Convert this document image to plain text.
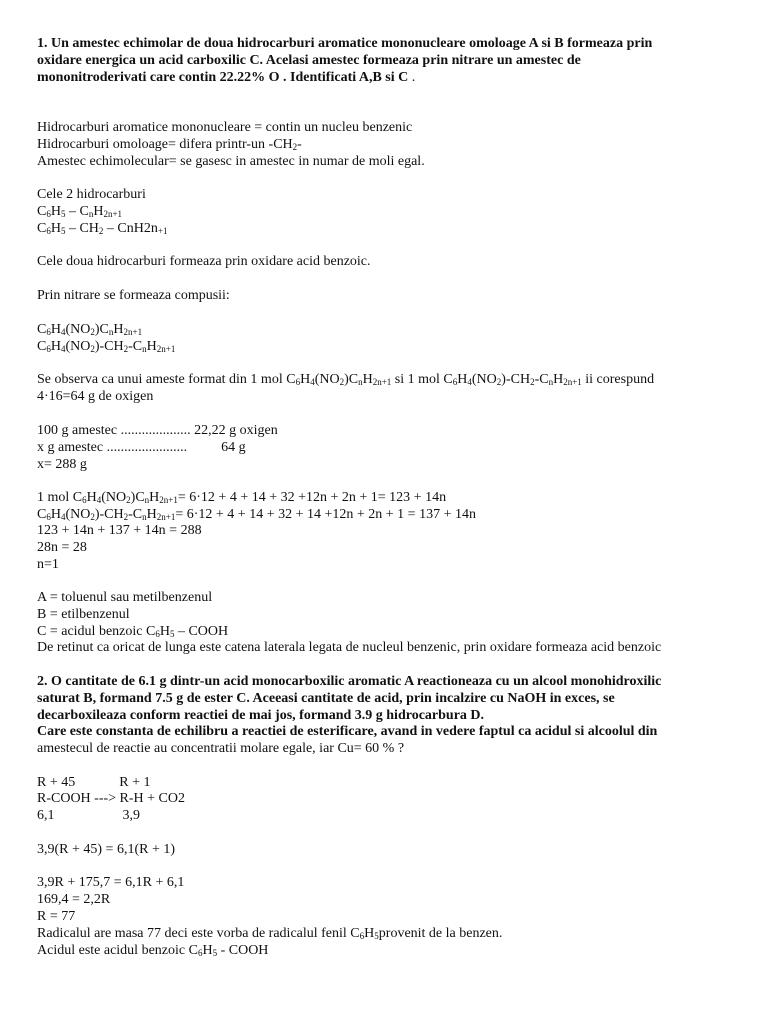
1. Un amestec echimolar de doua hidrocarburi aromatice mononucleare omoloage A si B formeaza prin
oxidare energica un acid carboxilic C. Acelasi amestec formeaza prin nitrare un amestec de
mononitroderivati care contin 22.22% O . Identificati A,B si C .
Hidrocarburi aromatice mononucleare = contin un nucleu benzenic
Hidrocarburi omoloage= difera printr-un $-CH_2-$
Amestec echimolecular= se gasesc in amestec in numar de moli egal.
Cele 2 hidrocarburi
$C_6H_5 - C_nH_{2n+1}$
$C_6H_5 - CH_2 - CnH2n_{+1}$
Cele doua hidrocarburi formeaza prin oxidare acid benzoic.
Prin nitrare se formeaza compusii:
$C_6H_4(NO_2)C_nH_{2n+1}$
$C_6H_4(NO_2)-CH_2-C_nH_{2n+1}$
Se observa ca unui ameste format din 1 mol $C_6H_4(NO_2)C_nH_{2n+1}$ si 1 mol $C_6H_4(NO_2)-CH_2-C_nH_{2n+1}$ ii corespund
4·16=64 g de oxigen
100 g amestec .................... 22,22 g oxigen
x g amestec ....................... 64 g
x= 288 g
1 mol $C_6H_4(NO_2)C_nH_{2n+1}= 6\cdot 12 + 4 + 14 + 32 +12n + 2n + 1= 123 + 14n$
$C_6H_4(NO_2)-CH_2-C_nH_{2n+1}= 6\cdot 12 + 4 + 14 + 32 + 14 +12n + 2n + 1 = 137 + 14n$
123 + 14n + 137 + 14n = 288
28n = 28
n=1
A = toluenul sau metilbenzenul
B = etilbenzenul
C = acidul benzoic $C_6H_5$ – COOH
De retinut ca oricat de lunga este catena laterala legata de nucleul benzenic, prin oxidare formeaza acid benzoic
2. O cantitate de 6.1 g dintr-un acid monocarboxilic aromatic A reactioneaza cu un alcool monohidroxilic
saturat B, formand 7.5 g de ester C. Aceeasi cantitate de acid, prin incalzire cu NaOH in exces, se
decarboxileaza conform reactiei de mai jos, formand 3.9 g hidrocarbura D.
Care este constanta de echilibru a reactiei de esterificare, avand in vedere faptul ca acidul si alcoolul din
amestecul de reactie au concentratii molare egale, iar Cu= 60 % ?
R + 45	R + 1
R-COOH ---> R-H + CO2
6,1	3,9
3,9(R + 45) = 6,1(R + 1)
3,9R + 175,7 = 6,1R + 6,1
169,4 = 2,2R
R = 77
Radicalul are masa 77 deci este vorba de radicalul fenil $C_6H_5provenit$ de la benzen.
Acidul este acidul benzoic $C_6H_5$ - COOH
